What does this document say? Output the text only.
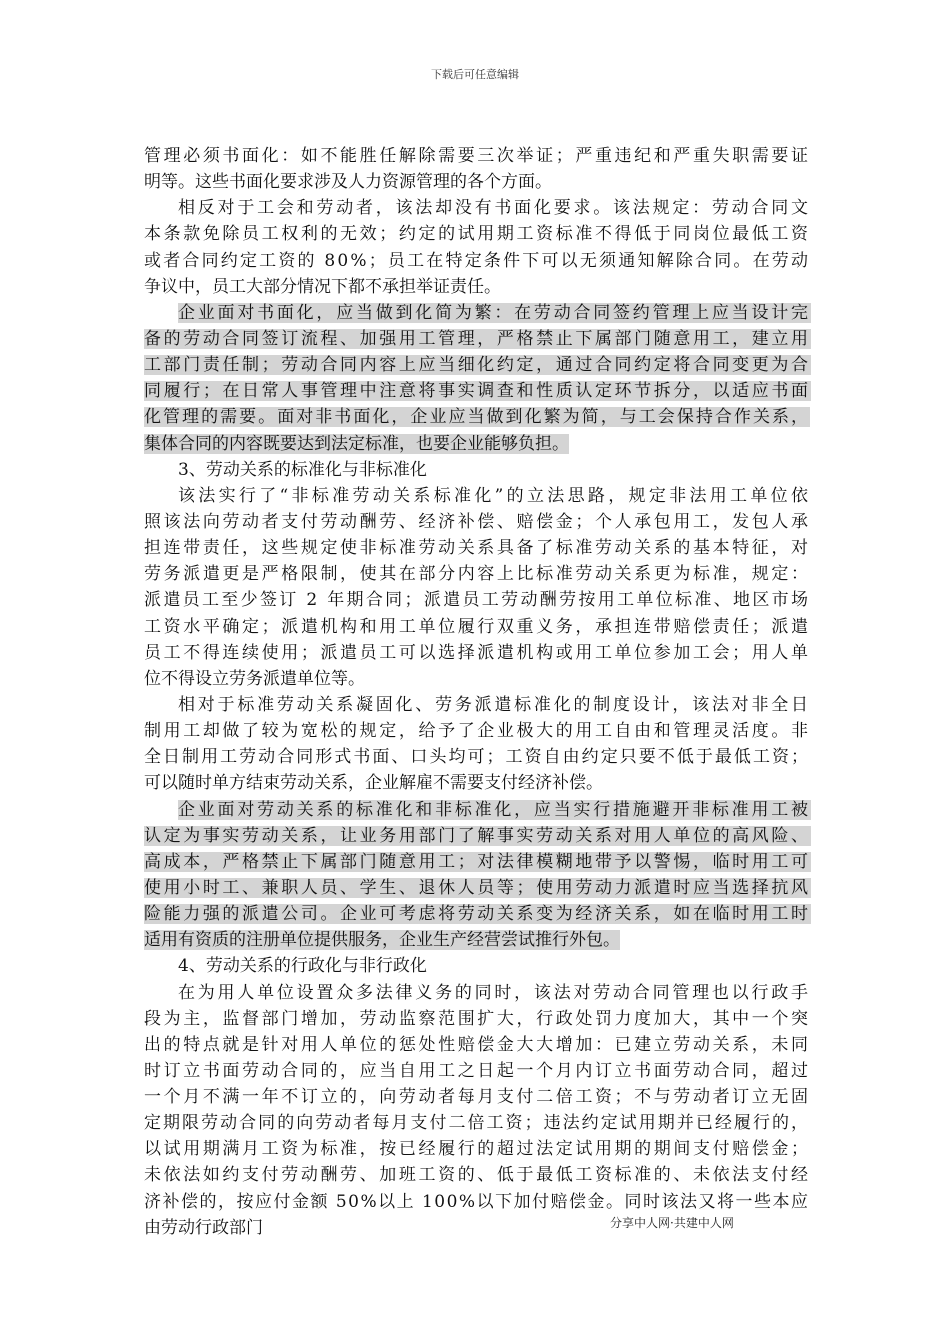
下载后可任意编辑
管理必须书面化：如不能胜任解除需要三次举证；严重违纪和严重失职需要证
明等。这些书面化要求涉及人力资源管理的各个方面。
相反对于工会和劳动者，该法却没有书面化要求。该法规定：劳动合同文
本条款免除员工权利的无效；约定的试用期工资标准不得低于同岗位最低工资
或者合同约定工资的 80%；员工在特定条件下可以无须通知解除合同。在劳动
争议中，员工大部分情况下都不承担举证责任。
企业面对书面化，应当做到化简为繁：在劳动合同签约管理上应当设计完
备的劳动合同签订流程、加强用工管理，严格禁止下属部门随意用工，建立用
工部门责任制；劳动合同内容上应当细化约定，通过合同约定将合同变更为合
同履行；在日常人事管理中注意将事实调查和性质认定环节拆分，以适应书面
化管理的需要。面对非书面化，企业应当做到化繁为简，与工会保持合作关系，
集体合同的内容既要达到法定标准，也要企业能够负担。
3、劳动关系的标准化与非标准化
该法实行了“非标准劳动关系标准化”的立法思路，规定非法用工单位依
照该法向劳动者支付劳动酬劳、经济补偿、赔偿金；个人承包用工，发包人承
担连带责任，这些规定使非标准劳动关系具备了标准劳动关系的基本特征，对
劳务派遣更是严格限制，使其在部分内容上比标准劳动关系更为标准，规定：
派遣员工至少签订 2 年期合同；派遣员工劳动酬劳按用工单位标准、地区市场
工资水平确定；派遣机构和用工单位履行双重义务，承担连带赔偿责任；派遣
员工不得连续使用；派遣员工可以选择派遣机构或用工单位参加工会；用人单
位不得设立劳务派遣单位等。
相对于标准劳动关系凝固化、劳务派遣标准化的制度设计，该法对非全日
制用工却做了较为宽松的规定，给予了企业极大的用工自由和管理灵活度。非
全日制用工劳动合同形式书面、口头均可；工资自由约定只要不低于最低工资；
可以随时单方结束劳动关系，企业解雇不需要支付经济补偿。
企业面对劳动关系的标准化和非标准化，应当实行措施避开非标准用工被
认定为事实劳动关系，让业务用部门了解事实劳动关系对用人单位的高风险、
高成本，严格禁止下属部门随意用工；对法律模糊地带予以警惕，临时用工可
使用小时工、兼职人员、学生、退休人员等；使用劳动力派遣时应当选择抗风
险能力强的派遣公司。企业可考虑将劳动关系变为经济关系，如在临时用工时
适用有资质的注册单位提供服务，企业生产经营尝试推行外包。
4、劳动关系的行政化与非行政化
在为用人单位设置众多法律义务的同时，该法对劳动合同管理也以行政手
段为主，监督部门增加，劳动监察范围扩大，行政处罚力度加大，其中一个突
出的特点就是针对用人单位的惩处性赔偿金大大增加：已建立劳动关系，未同
时订立书面劳动合同的，应当自用工之日起一个月内订立书面劳动合同，超过
一个月不满一年不订立的，向劳动者每月支付二倍工资；不与劳动者订立无固
定期限劳动合同的向劳动者每月支付二倍工资；违法约定试用期并已经履行的，
以试用期满月工资为标准，按已经履行的超过法定试用期的期间支付赔偿金；
未依法如约支付劳动酬劳、加班工资的、低于最低工资标准的、未依法支付经
济补偿的，按应付金额 50%以上 100%以下加付赔偿金。同时该法又将一些本应
由劳动行政部门	分享中人网·共建中人网
